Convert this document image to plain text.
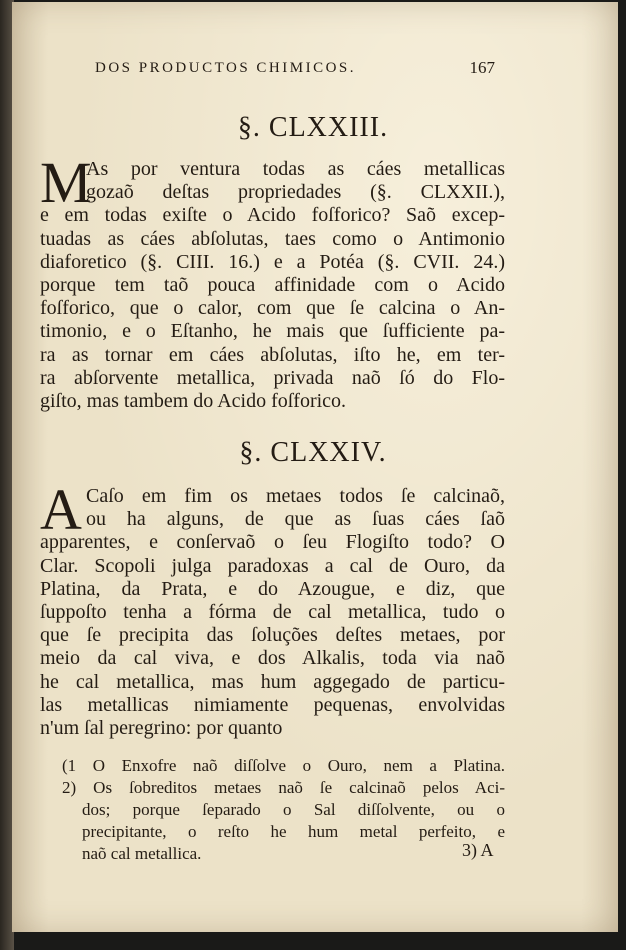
DOS PRODUCTOS CHIMICOS.	167
§. CLXXIII.
M
As por ventura todas as cáes metallicas
gozaõ deſtas propriedades (§. CLXXII.),
e em todas exiſte o Acido foſforico? Saõ excep-
tuadas as cáes abſolutas, taes como o Antimonio
diaforetico (§. CIII. 16.) e a Potéa (§. CVII. 24.)
porque tem taõ pouca affinidade com o Acido
foſforico, que o calor, com que ſe calcina o An-
timonio, e o Eſtanho, he mais que ſufficiente pa-
ra as tornar em cáes abſolutas, iſto he, em ter-
ra abſorvente metallica, privada naõ ſó do Flo-
giſto, mas tambem do Acido foſforico.
§. CLXXIV.
A Caſo em fim os metaes todos ſe calcinaõ,
ou ha alguns, de que as ſuas cáes ſaõ
apparentes, e conſervaõ o ſeu Flogiſto todo? O
Clar. Scopoli julga paradoxas a cal de Ouro, da
Platina, da Prata, e do Azougue, e diz, que
ſuppoſto tenha a fórma de cal metallica, tudo o
que ſe precipita das ſoluções deſtes metaes, por
meio da cal viva, e dos Alkalis, toda via naõ
he cal metallica, mas hum aggegado de particu-
las metallicas nimiamente pequenas, envolvidas
n'um ſal peregrino: por quanto
(1 O Enxofre naõ diſſolve o Ouro, nem a Platina.
2) Os ſobreditos metaes naõ ſe calcinaõ pelos Aci-
dos; porque ſeparado o Sal diſſolvente, ou o
precipitante, o reſto he hum metal perfeito, e
naõ cal metallica.	3) A
